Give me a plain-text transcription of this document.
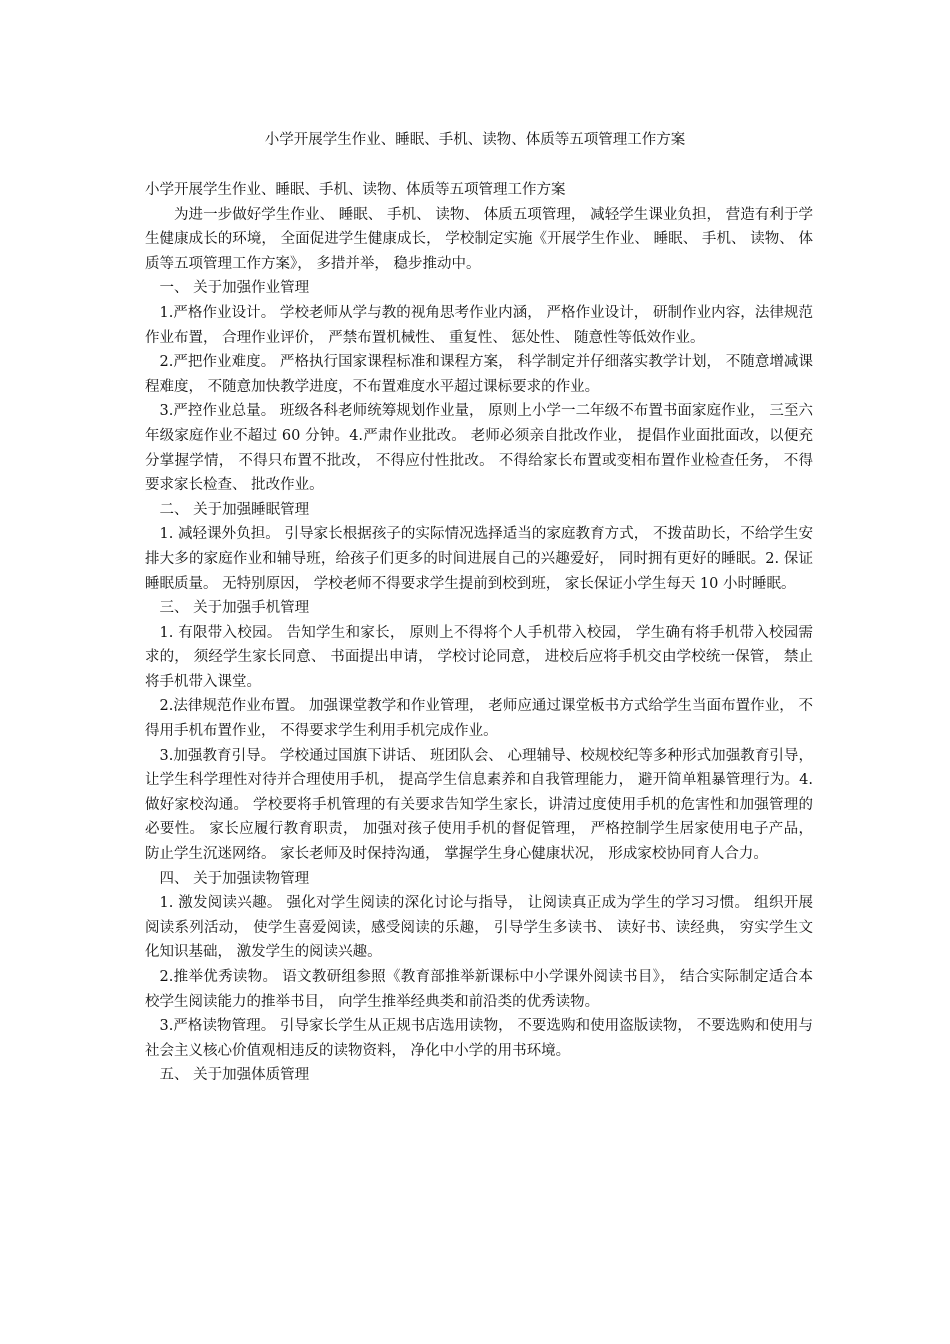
小学开展学生作业、睡眠、手机、读物、体质等五项管理工作方案

小学开展学生作业、睡眠、手机、读物、体质等五项管理工作方案

为进一步做好学生作业、 睡眠、 手机、 读物、 体质五项管理， 减轻学生课业负担， 营造有利于学生健康成长的环境， 全面促进学生健康成长， 学校制定实施《开展学生作业、 睡眠、 手机、 读物、 体质等五项管理工作方案》， 多措并举， 稳步推动中。

一、 关于加强作业管理

1.严格作业设计。 学校老师从学与教的视角思考作业内涵， 严格作业设计， 研制作业内容，法律规范作业布置， 合理作业评价， 严禁布置机械性、 重复性、 惩处性、 随意性等低效作业。

2.严把作业难度。 严格执行国家课程标准和课程方案， 科学制定并仔细落实教学计划， 不随意增减课程难度， 不随意加快教学进度，不布置难度水平超过课标要求的作业。

3.严控作业总量。 班级各科老师统筹规划作业量， 原则上小学一二年级不布置书面家庭作业， 三至六年级家庭作业不超过 60 分钟。4.严肃作业批改。 老师必须亲自批改作业， 提倡作业面批面改，以便充分掌握学情， 不得只布置不批改， 不得应付性批改。 不得给家长布置或变相布置作业检查任务， 不得要求家长检查、 批改作业。

二、 关于加强睡眠管理

1. 减轻课外负担。 引导家长根据孩子的实际情况选择适当的家庭教育方式， 不拨苗助长，不给学生安排大多的家庭作业和辅导班，给孩子们更多的时间进展自己的兴趣爱好， 同时拥有更好的睡眠。2. 保证睡眠质量。 无特别原因， 学校老师不得要求学生提前到校到班， 家长保证小学生每天 10 小时睡眠。

三、 关于加强手机管理

1. 有限带入校园。 告知学生和家长， 原则上不得将个人手机带入校园， 学生确有将手机带入校园需求的， 须经学生家长同意、 书面提出申请， 学校讨论同意， 进校后应将手机交由学校统一保管， 禁止将手机带入课堂。

2.法律规范作业布置。 加强课堂教学和作业管理， 老师应通过课堂板书方式给学生当面布置作业， 不得用手机布置作业， 不得要求学生利用手机完成作业。

3.加强教育引导。 学校通过国旗下讲话、 班团队会、 心理辅导、校规校纪等多种形式加强教育引导， 让学生科学理性对待并合理使用手机， 提高学生信息素养和自我管理能力， 避开简单粗暴管理行为。4.做好家校沟通。 学校要将手机管理的有关要求告知学生家长，讲清过度使用手机的危害性和加强管理的必要性。 家长应履行教育职责， 加强对孩子使用手机的督促管理， 严格控制学生居家使用电子产品， 防止学生沉迷网络。 家长老师及时保持沟通， 掌握学生身心健康状况， 形成家校协同育人合力。

四、 关于加强读物管理

1. 激发阅读兴趣。 强化对学生阅读的深化讨论与指导， 让阅读真正成为学生的学习习惯。 组织开展阅读系列活动， 使学生喜爱阅读，感受阅读的乐趣， 引导学生多读书、 读好书、读经典， 穷实学生文化知识基础， 激发学生的阅读兴趣。

2.推举优秀读物。 语文教研组参照《教育部推举新课标中小学课外阅读书目》， 结合实际制定适合本校学生阅读能力的推举书目， 向学生推举经典类和前沿类的优秀读物。

3.严格读物管理。 引导家长学生从正规书店选用读物， 不要选购和使用盗版读物， 不要选购和使用与社会主义核心价值观相违反的读物资料， 净化中小学的用书环境。

五、 关于加强体质管理
